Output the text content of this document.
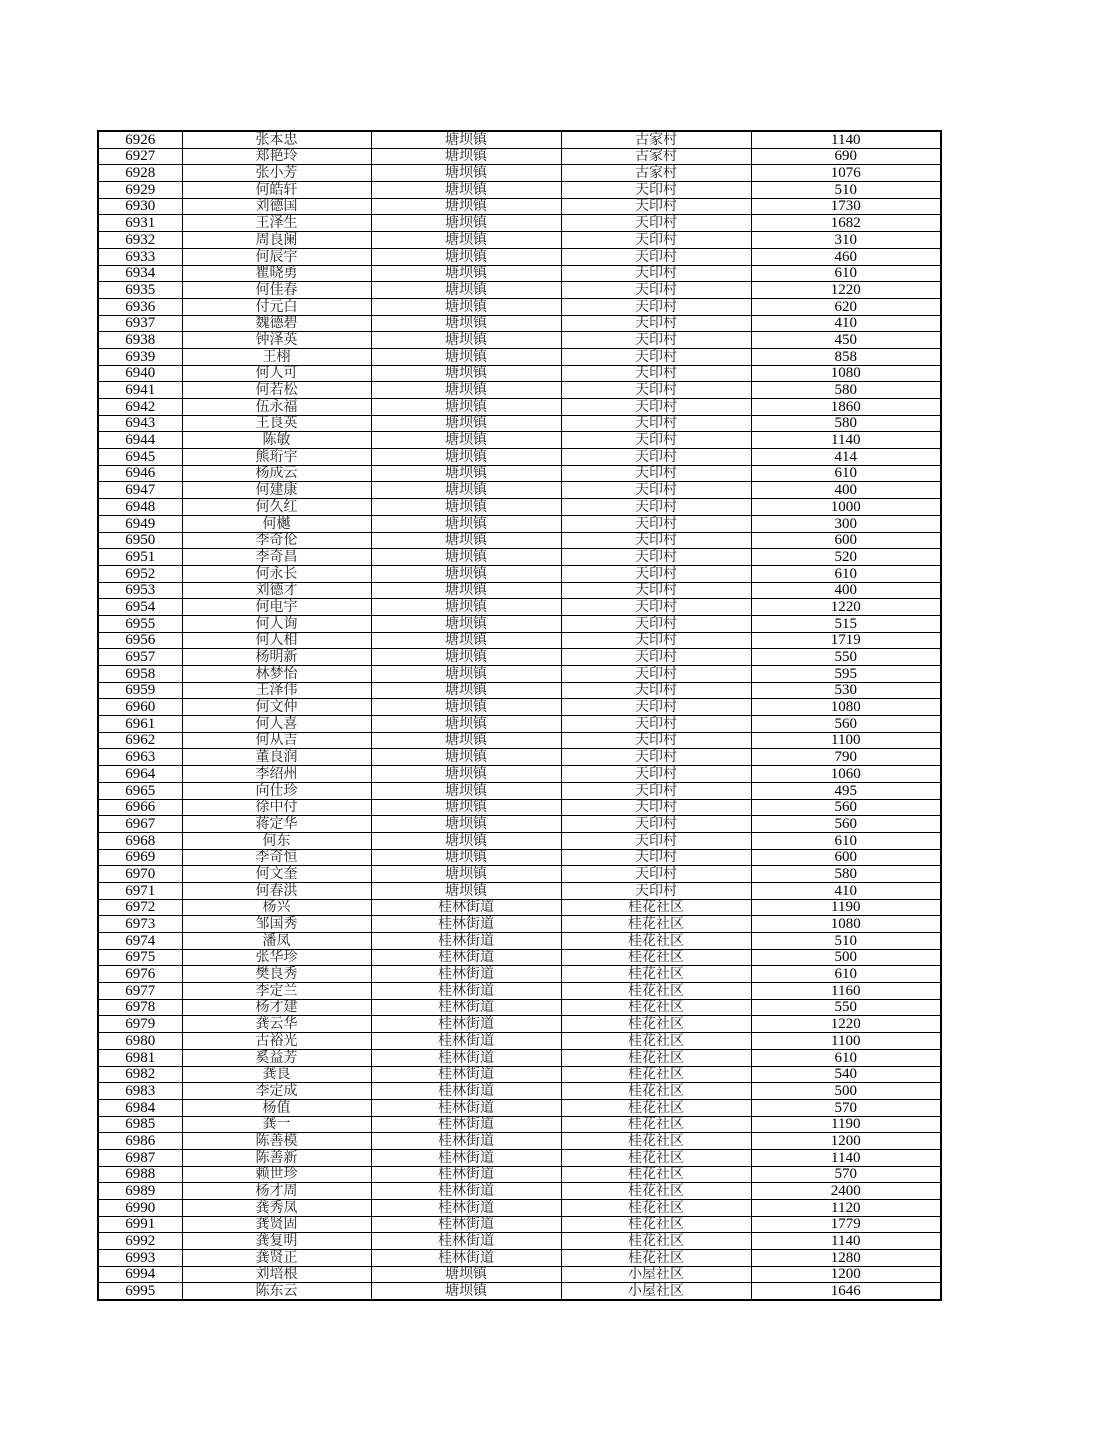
6926	张本忠	塘坝镇	古家村	1140
6927	郑艳玲	塘坝镇	古家村	690
6928	张小芳	塘坝镇	古家村	1076
6929	何皓轩	塘坝镇	天印村	510
6930	刘德国	塘坝镇	天印村	1730
6931	王泽生	塘坝镇	天印村	1682
6932	周良阑	塘坝镇	天印村	310
6933	何辰宇	塘坝镇	天印村	460
6934	瞿晓勇	塘坝镇	天印村	610
6935	何佳春	塘坝镇	天印村	1220
6936	付元白	塘坝镇	天印村	620
6937	魏德碧	塘坝镇	天印村	410
6938	钟泽英	塘坝镇	天印村	450
6939	王栩	塘坝镇	天印村	858
6940	何人可	塘坝镇	天印村	1080
6941	何若松	塘坝镇	天印村	580
6942	伍永福	塘坝镇	天印村	1860
6943	王良英	塘坝镇	天印村	580
6944	陈敏	塘坝镇	天印村	1140
6945	熊珩宇	塘坝镇	天印村	414
6946	杨成云	塘坝镇	天印村	610
6947	何建康	塘坝镇	天印村	400
6948	何久红	塘坝镇	天印村	1000
6949	何樾	塘坝镇	天印村	300
6950	李奇伦	塘坝镇	天印村	600
6951	李奇昌	塘坝镇	天印村	520
6952	何永长	塘坝镇	天印村	610
6953	刘德才	塘坝镇	天印村	400
6954	何电宇	塘坝镇	天印村	1220
6955	何人询	塘坝镇	天印村	515
6956	何人相	塘坝镇	天印村	1719
6957	杨明新	塘坝镇	天印村	550
6958	林梦怡	塘坝镇	天印村	595
6959	王泽伟	塘坝镇	天印村	530
6960	何文仲	塘坝镇	天印村	1080
6961	何人喜	塘坝镇	天印村	560
6962	何从吉	塘坝镇	天印村	1100
6963	董良润	塘坝镇	天印村	790
6964	李绍州	塘坝镇	天印村	1060
6965	向仕珍	塘坝镇	天印村	495
6966	徐中付	塘坝镇	天印村	560
6967	蒋定华	塘坝镇	天印村	560
6968	何东	塘坝镇	天印村	610
6969	李奇恒	塘坝镇	天印村	600
6970	何文奎	塘坝镇	天印村	580
6971	何春洪	塘坝镇	天印村	410
6972	杨兴	桂林街道	桂花社区	1190
6973	邹国秀	桂林街道	桂花社区	1080
6974	潘凤	桂林街道	桂花社区	510
6975	张华珍	桂林街道	桂花社区	500
6976	樊良秀	桂林街道	桂花社区	610
6977	李定兰	桂林街道	桂花社区	1160
6978	杨才建	桂林街道	桂花社区	550
6979	龚云华	桂林街道	桂花社区	1220
6980	古裕光	桂林街道	桂花社区	1100
6981	奚益芳	桂林街道	桂花社区	610
6982	龚良	桂林街道	桂花社区	540
6983	李定成	桂林街道	桂花社区	500
6984	杨值	桂林街道	桂花社区	570
6985	龚一	桂林街道	桂花社区	1190
6986	陈善模	桂林街道	桂花社区	1200
6987	陈善新	桂林街道	桂花社区	1140
6988	赖世珍	桂林街道	桂花社区	570
6989	杨才周	桂林街道	桂花社区	2400
6990	龚秀凤	桂林街道	桂花社区	1120
6991	龚贤固	桂林街道	桂花社区	1779
6992	龚复明	桂林街道	桂花社区	1140
6993	龚贤正	桂林街道	桂花社区	1280
6994	刘培根	塘坝镇	小屋社区	1200
6995	陈东云	塘坝镇	小屋社区	1646
